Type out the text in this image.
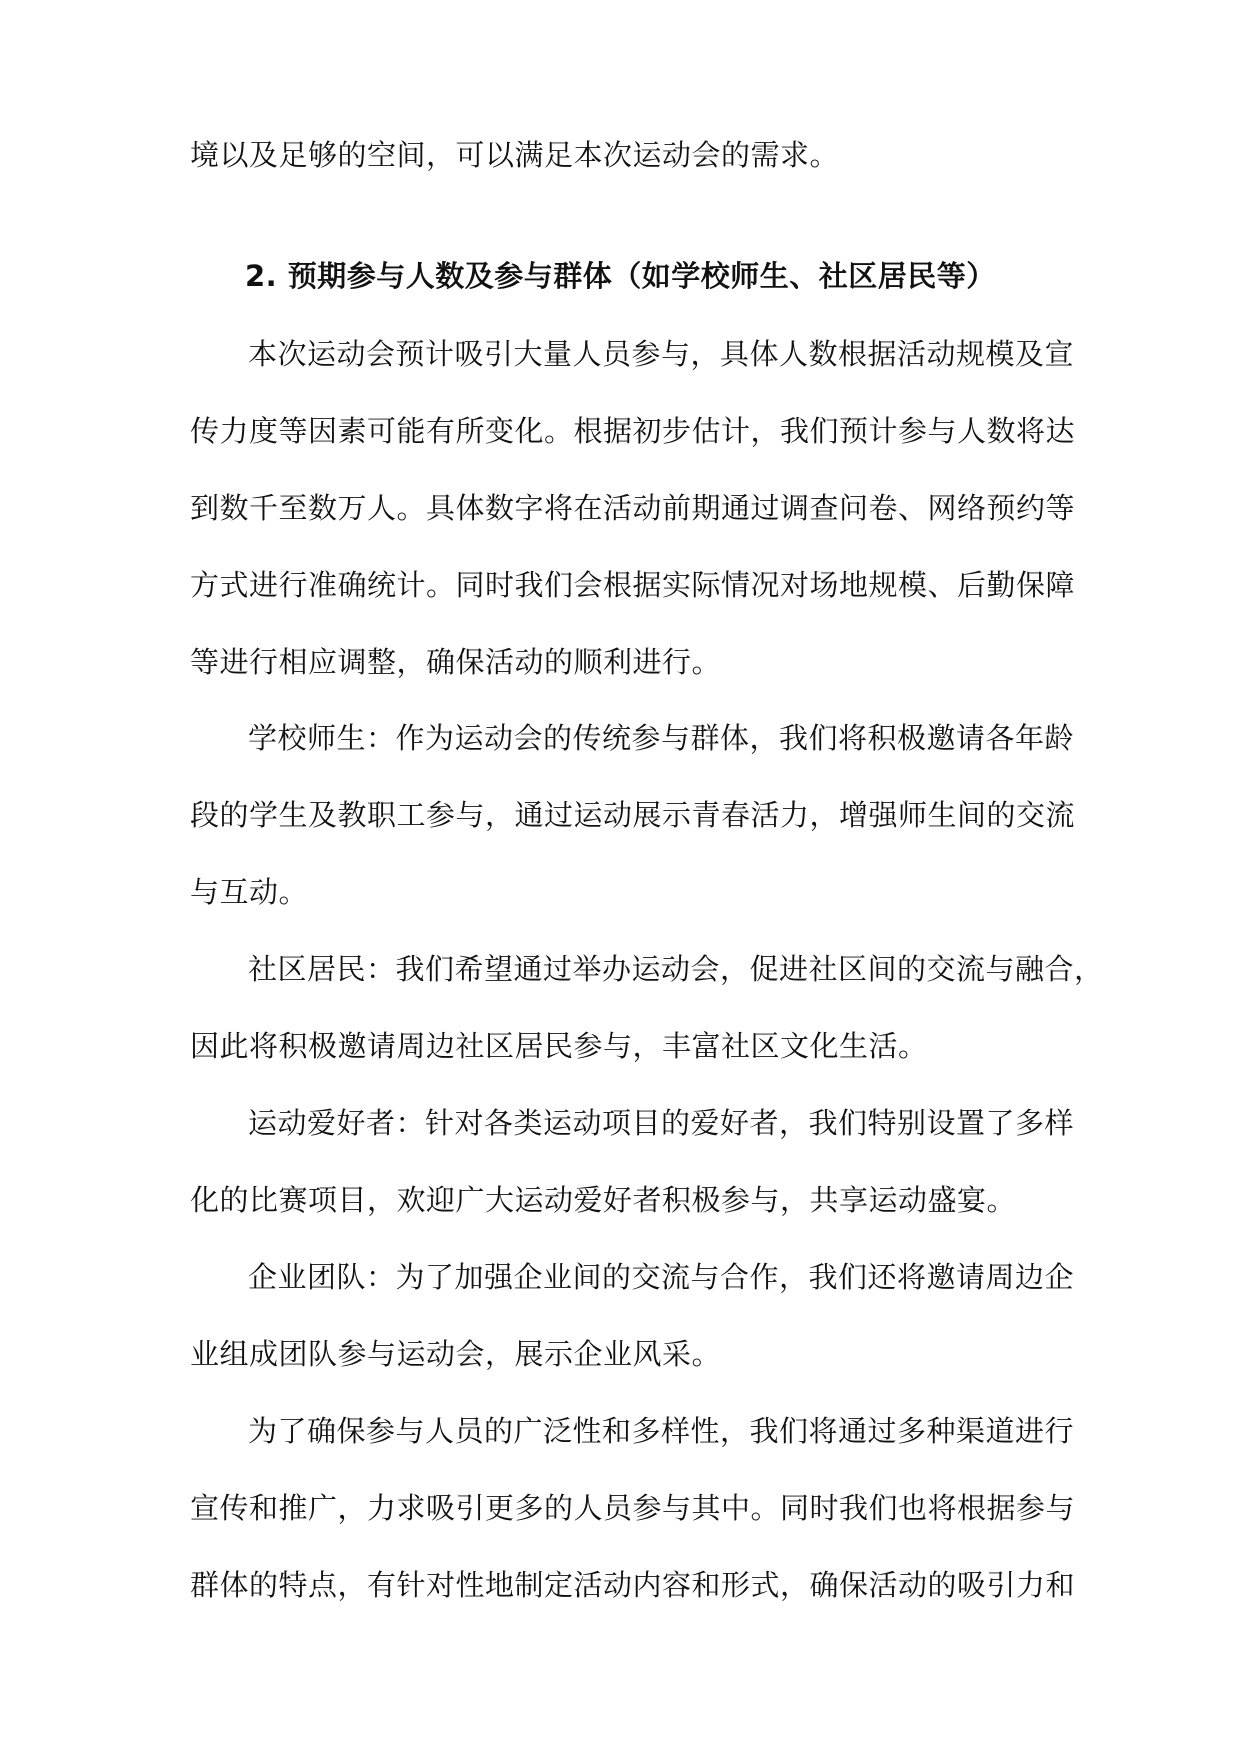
境以及足够的空间，可以满足本次运动会的需求。
2. 预期参与人数及参与群体（如学校师生、社区居民等）
本次运动会预计吸引大量人员参与，具体人数根据活动规模及宣
传力度等因素可能有所变化。根据初步估计，我们预计参与人数将达
到数千至数万人。具体数字将在活动前期通过调查问卷、网络预约等
方式进行准确统计。同时我们会根据实际情况对场地规模、后勤保障
等进行相应调整，确保活动的顺利进行。
学校师生：作为运动会的传统参与群体，我们将积极邀请各年龄
段的学生及教职工参与，通过运动展示青春活力，增强师生间的交流
与互动。
社区居民：我们希望通过举办运动会，促进社区间的交流与融合，
因此将积极邀请周边社区居民参与，丰富社区文化生活。
运动爱好者：针对各类运动项目的爱好者，我们特别设置了多样
化的比赛项目，欢迎广大运动爱好者积极参与，共享运动盛宴。
企业团队：为了加强企业间的交流与合作，我们还将邀请周边企
业组成团队参与运动会，展示企业风采。
为了确保参与人员的广泛性和多样性，我们将通过多种渠道进行
宣传和推广，力求吸引更多的人员参与其中。同时我们也将根据参与
群体的特点，有针对性地制定活动内容和形式，确保活动的吸引力和
